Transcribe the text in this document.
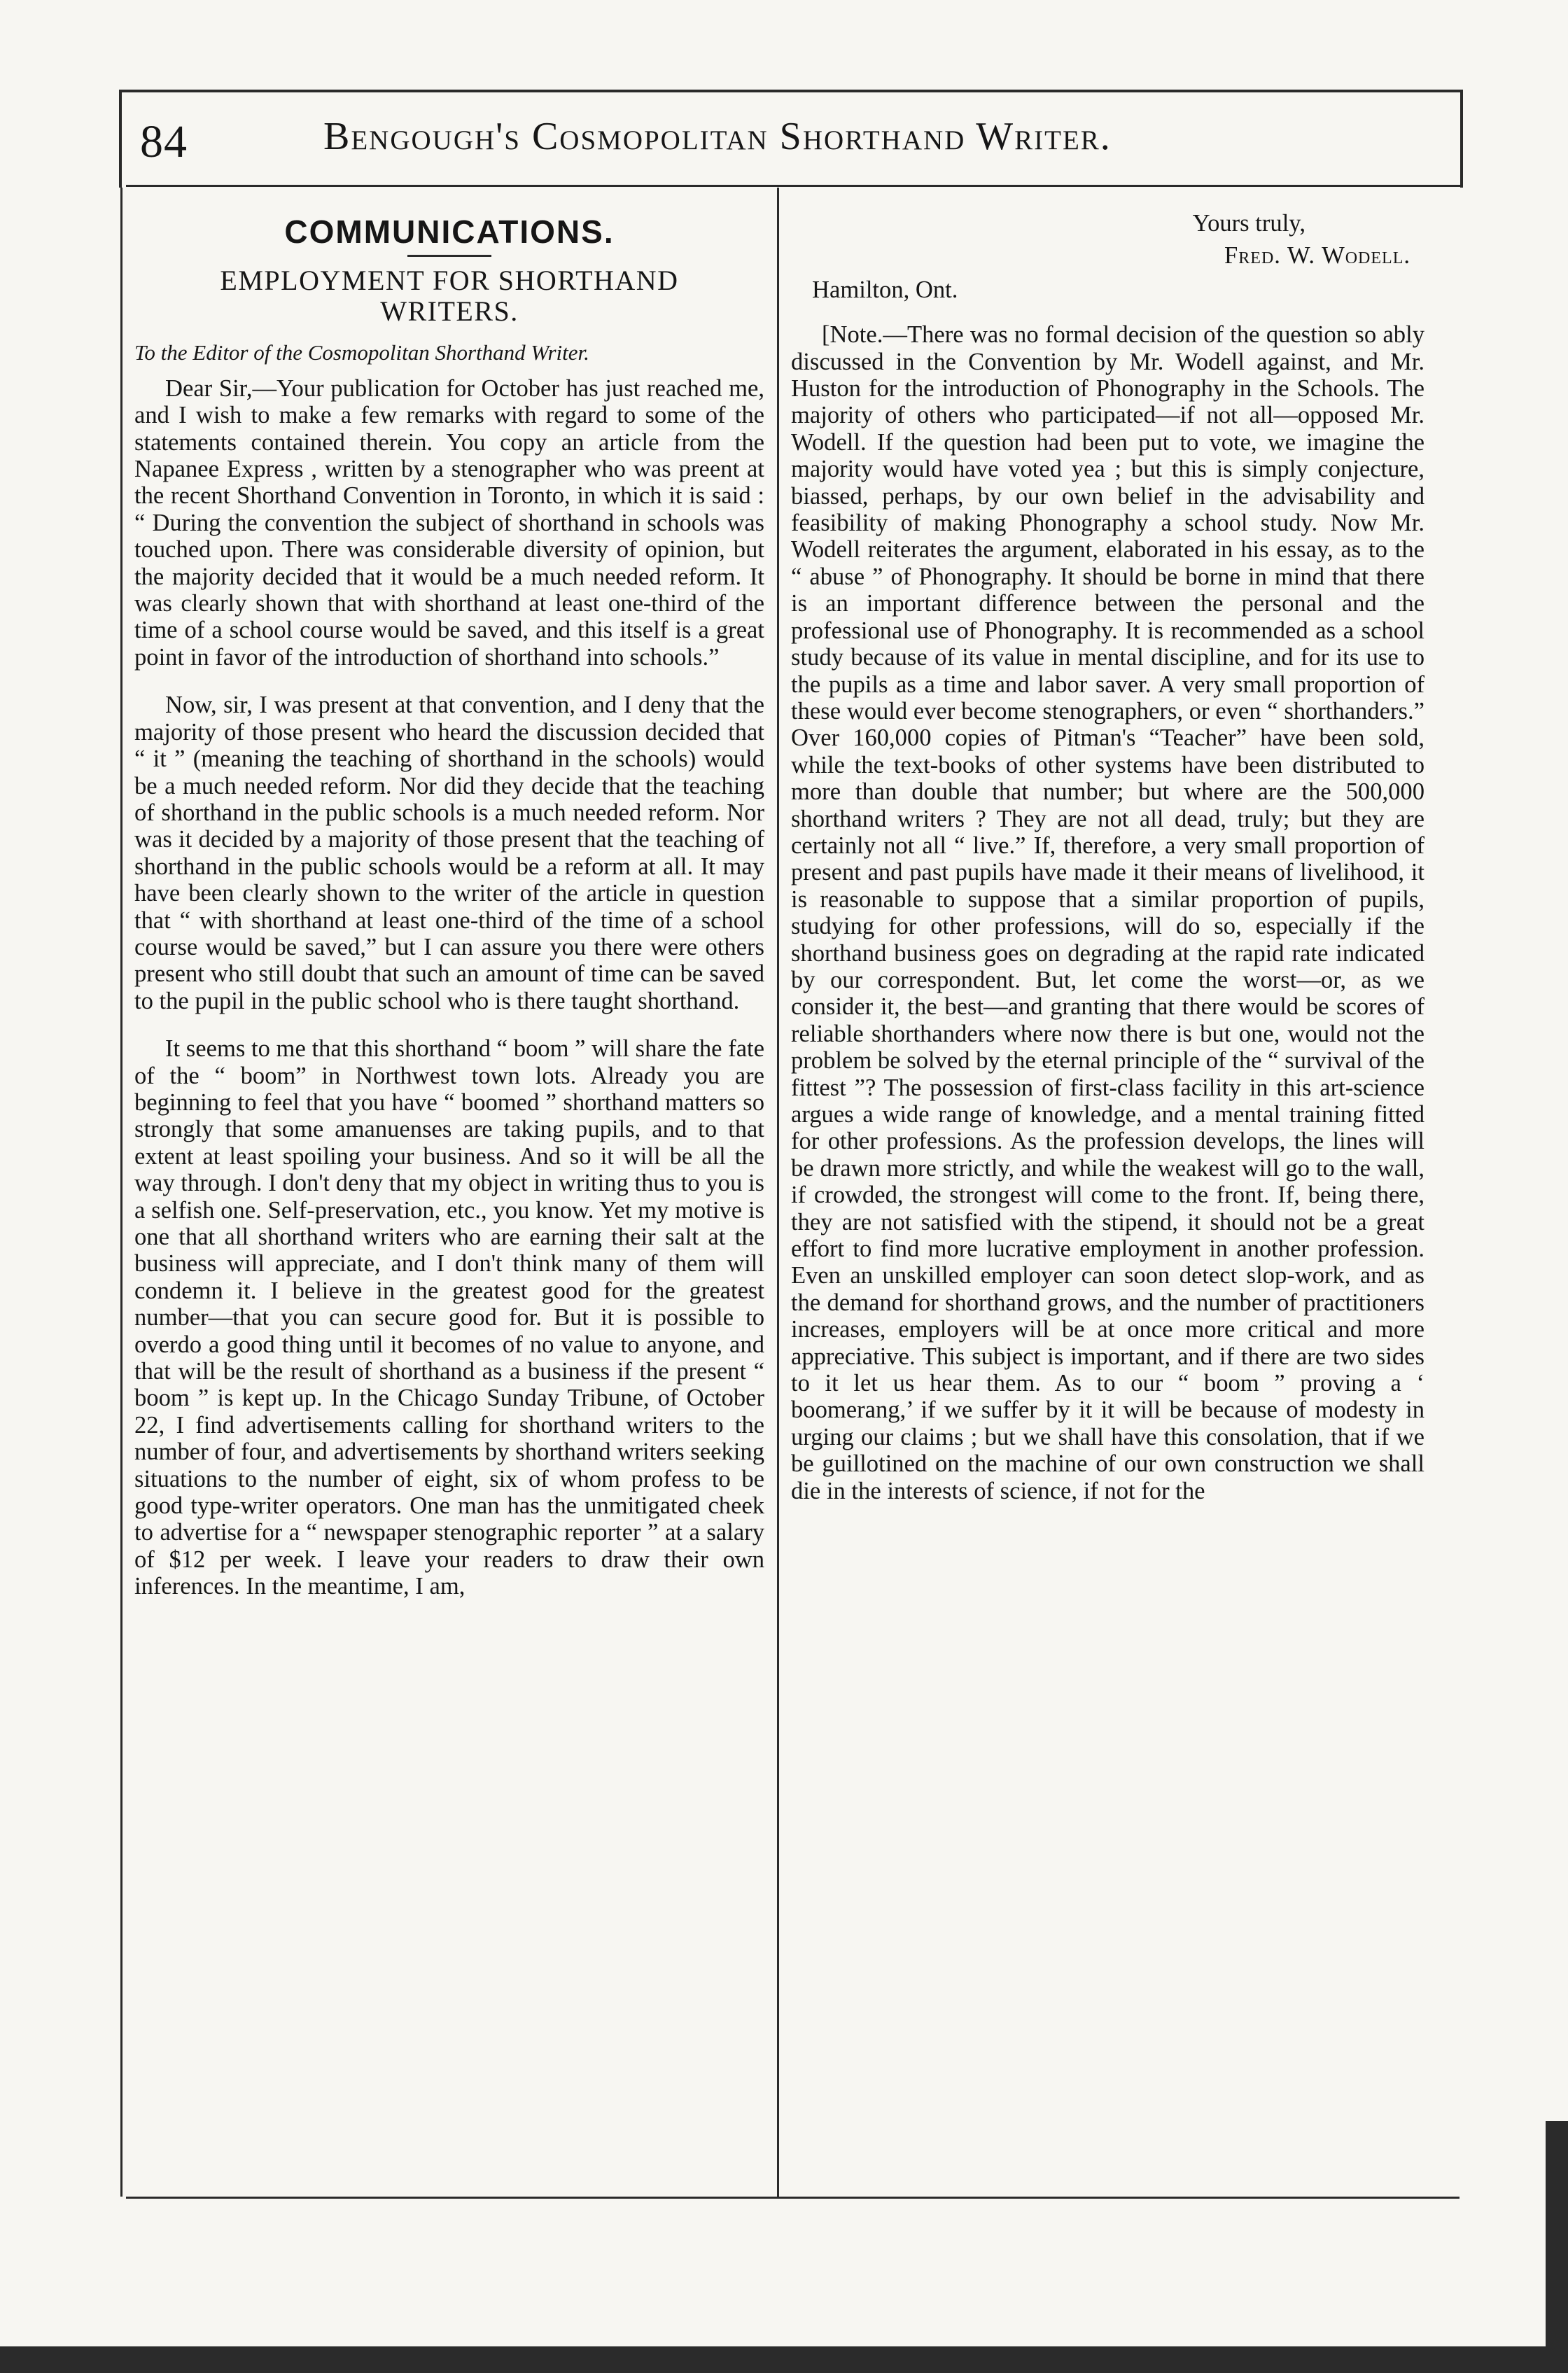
84	Bengough's Cosmopolitan Shorthand Writer.
COMMUNICATIONS.
EMPLOYMENT FOR SHORTHAND WRITERS.
To the Editor of the Cosmopolitan Shorthand Writer.

Dear Sir,—Your publication for October has just reached me, and I wish to make a few remarks with regard to some of the statements contained therein. You copy an article from the Napanee Express , written by a stenographer who was preent at the recent Shorthand Convention in Toronto, in which it is said : “ During the convention the subject of shorthand in schools was touched upon. There was considerable diversity of opinion, but the majority decided that it would be a much needed reform. It was clearly shown that with shorthand at least one-third of the time of a school course would be saved, and this itself is a great point in favor of the introduction of shorthand into schools.”

Now, sir, I was present at that convention, and I deny that the majority of those present who heard the discussion decided that “ it ” (meaning the teaching of shorthand in the schools) would be a much needed reform. Nor did they decide that the teaching of shorthand in the public schools is a much needed reform. Nor was it decided by a majority of those present that the teaching of shorthand in the public schools would be a reform at all. It may have been clearly shown to the writer of the article in question that “ with shorthand at least one-third of the time of a school course would be saved,” but I can assure you there were others present who still doubt that such an amount of time can be saved to the pupil in the public school who is there taught shorthand.

It seems to me that this shorthand “ boom ” will share the fate of the “ boom” in Northwest town lots. Already you are beginning to feel that you have “ boomed ” shorthand matters so strongly that some amanuenses are taking pupils, and to that extent at least spoiling your business. And so it will be all the way through. I don't deny that my object in writing thus to you is a selfish one. Self-preservation, etc., you know. Yet my motive is one that all shorthand writers who are earning their salt at the business will appreciate, and I don't think many of them will condemn it. I believe in the greatest good for the greatest number—that you can secure good for. But it is possible to overdo a good thing until it becomes of no value to anyone, and that will be the result of shorthand as a business if the present “ boom ” is kept up. In the Chicago Sunday Tribune, of October 22, I find advertisements calling for shorthand writers to the number of four, and advertisements by shorthand writers seeking situations to the number of eight, six of whom profess to be good type-writer operators. One man has the unmitigated cheek to advertise for a “ newspaper stenographic reporter ” at a salary of $12 per week. I leave your readers to draw their own inferences. In the meantime, I am,

Yours truly,

Fred. W. Wodell.

Hamilton, Ont.

[Note.—There was no formal decision of the question so ably discussed in the Convention by Mr. Wodell against, and Mr. Huston for the introduction of Phonography in the Schools. The majority of others who participated—if not all—opposed Mr. Wodell. If the question had been put to vote, we imagine the majority would have voted yea ; but this is simply conjecture, biassed, perhaps, by our own belief in the advisability and feasibility of making Phonography a school study. Now Mr. Wodell reiterates the argument, elaborated in his essay, as to the “ abuse ” of Phonography. It should be borne in mind that there is an important difference between the personal and the professional use of Phonography. It is recommended as a school study because of its value in mental discipline, and for its use to the pupils as a time and labor saver. A very small proportion of these would ever become stenographers, or even “ shorthanders.” Over 160,000 copies of Pitman's “Teacher” have been sold, while the text-books of other systems have been distributed to more than double that number; but where are the 500,000 shorthand writers ? They are not all dead, truly; but they are certainly not all “ live.” If, therefore, a very small proportion of present and past pupils have made it their means of livelihood, it is reasonable to suppose that a similar proportion of pupils, studying for other professions, will do so, especially if the shorthand business goes on degrading at the rapid rate indicated by our correspondent. But, let come the worst—or, as we consider it, the best—and granting that there would be scores of reliable shorthanders where now there is but one, would not the problem be solved by the eternal principle of the “ survival of the fittest ”? The possession of first-class facility in this art-science argues a wide range of knowledge, and a mental training fitted for other professions. As the profession develops, the lines will be drawn more strictly, and while the weakest will go to the wall, if crowded, the strongest will come to the front. If, being there, they are not satisfied with the stipend, it should not be a great effort to find more lucrative employment in another profession. Even an unskilled employer can soon detect slop-work, and as the demand for shorthand grows, and the number of practitioners increases, employers will be at once more critical and more appreciative. This subject is important, and if there are two sides to it let us hear them. As to our “ boom ” proving a ‘ boomerang,’ if we suffer by it it will be because of modesty in urging our claims ; but we shall have this consolation, that if we be guillotined on the machine of our own construction we shall die in the interests of science, if not for the
